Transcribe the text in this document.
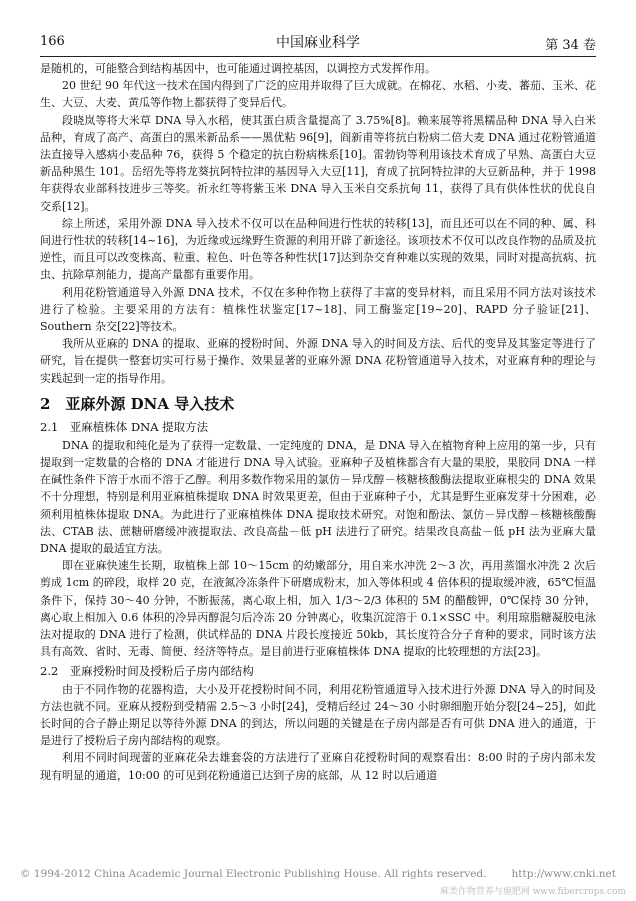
166	中国麻业科学	第 34 卷

是随机的，可能整合到结构基因中，也可能通过调控基因，以调控方式发挥作用。

20 世纪 90 年代这一技术在国内得到了广泛的应用并取得了巨大成就。在棉花、水稻、小麦、蕃茄、玉米、花生、大豆、大麦、黄瓜等作物上都获得了变异后代。

段晓岚等将大米草 DNA 导入水稻，使其蛋白质含量提高了 3.75%[8]。赖来展等将黑糯品种 DNA 导入白米品种，育成了高产、高蛋白的黑米新品系——黑优粘 96[9]，阎新甫等将抗白粉病二倍大麦 DNA 通过花粉管通道法直接导入感病小麦品种 76，获得 5 个稳定的抗白粉病株系[10]。雷勃钧等利用该技术育成了早熟、高蛋白大豆新品种黑生 101。岳绍先等将龙葵抗阿特拉津的基因导入大豆[11]，育成了抗阿特拉津的大豆新品种，并于 1998 年获得农业部科技进步三等奖。祈永红等将紫玉米 DNA 导入玉米自交系抗甸 11，获得了具有供体性状的优良自交系[12]。

综上所述，采用外源 DNA 导入技术不仅可以在品种间进行性状的转移[13]，而且还可以在不同的种、属、科间进行性状的转移[14~16]，为近缘或远缘野生资源的利用开辟了新途径。该项技术不仅可以改良作物的品质及抗逆性，而且可以改变株高、粒重、粒色、叶色等各种性状[17]达到杂交育种难以实现的效果，同时对提高抗病、抗虫、抗除草剂能力，提高产量都有重要作用。

利用花粉管通道导入外源 DNA 技术，不仅在多种作物上获得了丰富的变异材料，而且采用不同方法对该技术进行了检验。主要采用的方法有：植株性状鉴定[17~18]、同工酶鉴定[19~20]、RAPD 分子验证[21]、Southern 杂交[22]等技术。

我所从亚麻的 DNA 的提取、亚麻的授粉时间、外源 DNA 导入的时间及方法、后代的变异及其鉴定等进行了研究，旨在提供一整套切实可行易于操作、效果显著的亚麻外源 DNA 花粉管通道导入技术，对亚麻育种的理论与实践起到一定的指导作用。

2　亚麻外源 DNA 导入技术
2.1　亚麻植株体 DNA 提取方法

DNA 的提取和纯化是为了获得一定数量、一定纯度的 DNA，是 DNA 导入在植物育种上应用的第一步，只有提取到一定数量的合格的 DNA 才能进行 DNA 导入试验。亚麻种子及植株都含有大量的果胶，果胶同 DNA 一样在碱性条件下溶于水而不溶于乙醇。利用多数作物采用的氯仿－异戊醇－核糖核酸酶法提取亚麻根尖的 DNA 效果不十分理想，特别是利用亚麻植株提取 DNA 时效果更差，但由于亚麻种子小，尤其是野生亚麻发芽十分困难，必须利用植株体提取 DNA。为此进行了亚麻植株体 DNA 提取技术研究。对饱和酚法、氯仿－异戊醇－核糖核酸酶法、CTAB 法、蔗糖研磨缓冲液提取法、改良高盐－低 pH 法进行了研究。结果改良高盐－低 pH 法为亚麻大量 DNA 提取的最适宜方法。

即在亚麻快速生长期，取植株上部 10～15cm 的幼嫩部分，用自来水冲洗 2～3 次，再用蒸馏水冲洗 2 次后剪成 1cm 的碎段，取样 20 克，在液氮冷冻条件下研磨成粉末，加入等体积或 4 倍体积的提取缓冲液，65℃恒温条件下，保持 30～40 分钟，不断振荡，离心取上相，加入 1/3～2/3 体积的 5M 的醋酸钾，0℃保持 30 分钟，离心取上相加入 0.6 体积的冷异丙醇混匀后冷冻 20 分钟离心，收集沉淀溶于 0.1×SSC 中。利用琼脂糖凝胶电泳法对提取的 DNA 进行了检测，供试样品的 DNA 片段长度接近 50kb，其长度符合分子育种的要求，同时该方法具有高效、省时、无毒、简便、经济等特点。是目前进行亚麻植株体 DNA 提取的比较理想的方法[23]。

2.2　亚麻授粉时间及授粉后子房内部结构

由于不同作物的花器构造，大小及开花授粉时间不同，利用花粉管通道导入技术进行外源 DNA 导入的时间及方法也就不同。亚麻从授粉到受精需 2.5～3 小时[24]，受精后经过 24～30 小时卵细胞开始分裂[24~25]，如此长时间的合子静止期足以等待外源 DNA 的到达，所以问题的关键是在子房内部是否有可供 DNA 进入的通道，于是进行了授粉后子房内部结构的观察。

利用不同时间现蕾的亚麻花朵去雄套袋的方法进行了亚麻自花授粉时间的观察看出：8:00 时的子房内部未发现有明显的通道，10:00 的可见到花粉通道已达到子房的底部，从 12 时以后通道

© 1994-2012 China Academic Journal Electronic Publishing House. All rights reserved. http://www.cnki.net
麻类作物营养与施肥网 www.fibercrops.com
